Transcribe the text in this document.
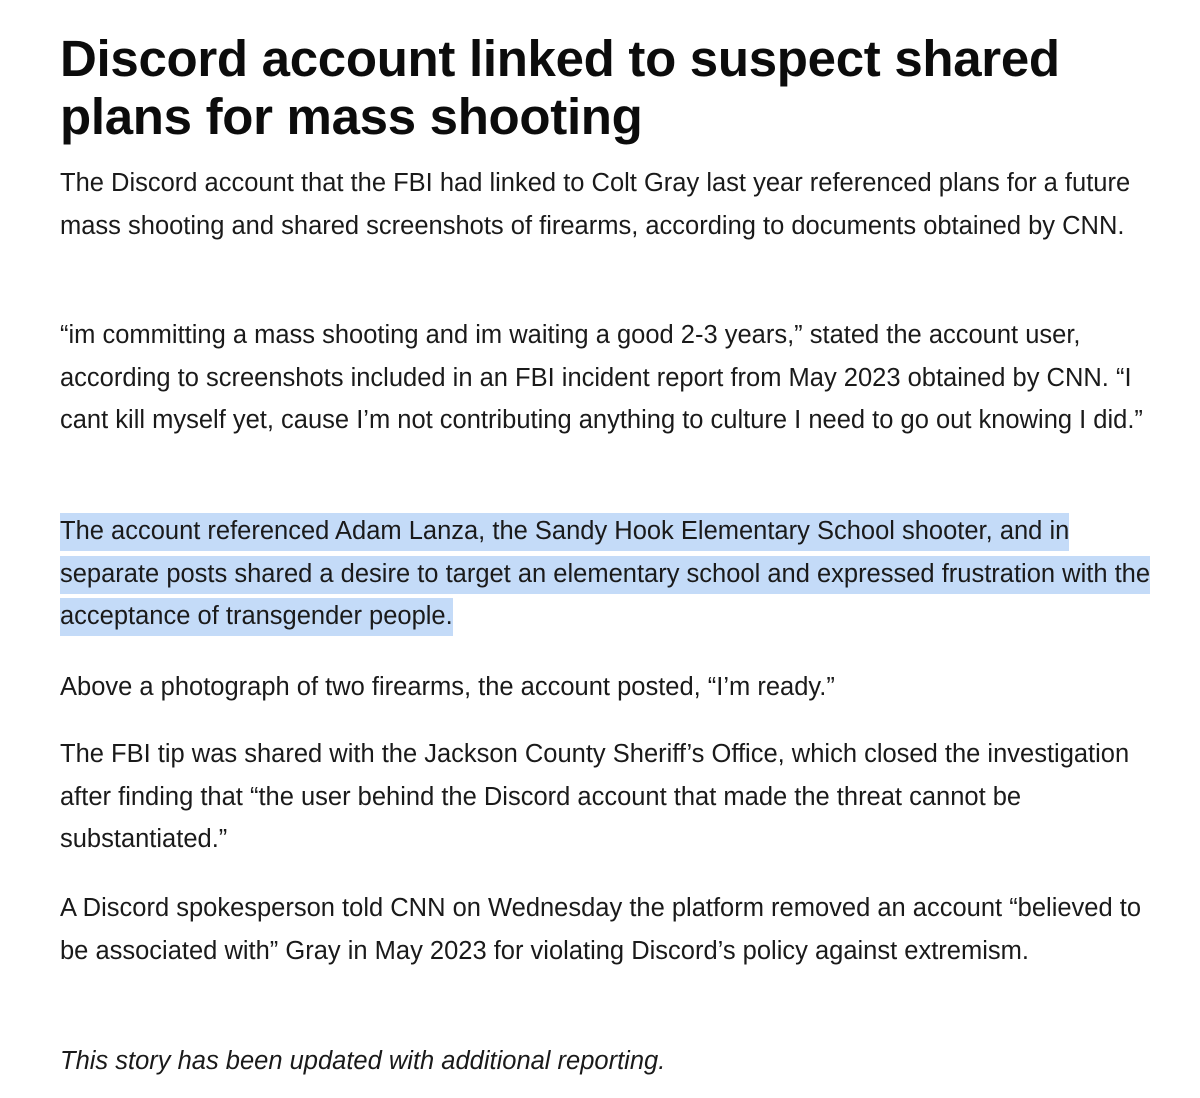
Discord account linked to suspect shared plans for mass shooting

The Discord account that the FBI had linked to Colt Gray last year referenced plans for a future mass shooting and shared screenshots of firearms, according to documents obtained by CNN.

“im committing a mass shooting and im waiting a good 2-3 years,” stated the account user, according to screenshots included in an FBI incident report from May 2023 obtained by CNN. “I cant kill myself yet, cause I’m not contributing anything to culture I need to go out knowing I did.”

The account referenced Adam Lanza, the Sandy Hook Elementary School shooter, and in separate posts shared a desire to target an elementary school and expressed frustration with the acceptance of transgender people.

Above a photograph of two firearms, the account posted, “I’m ready.”

The FBI tip was shared with the Jackson County Sheriff’s Office, which closed the investigation after finding that “the user behind the Discord account that made the threat cannot be substantiated.”

A Discord spokesperson told CNN on Wednesday the platform removed an account “believed to be associated with” Gray in May 2023 for violating Discord’s policy against extremism.

This story has been updated with additional reporting.
